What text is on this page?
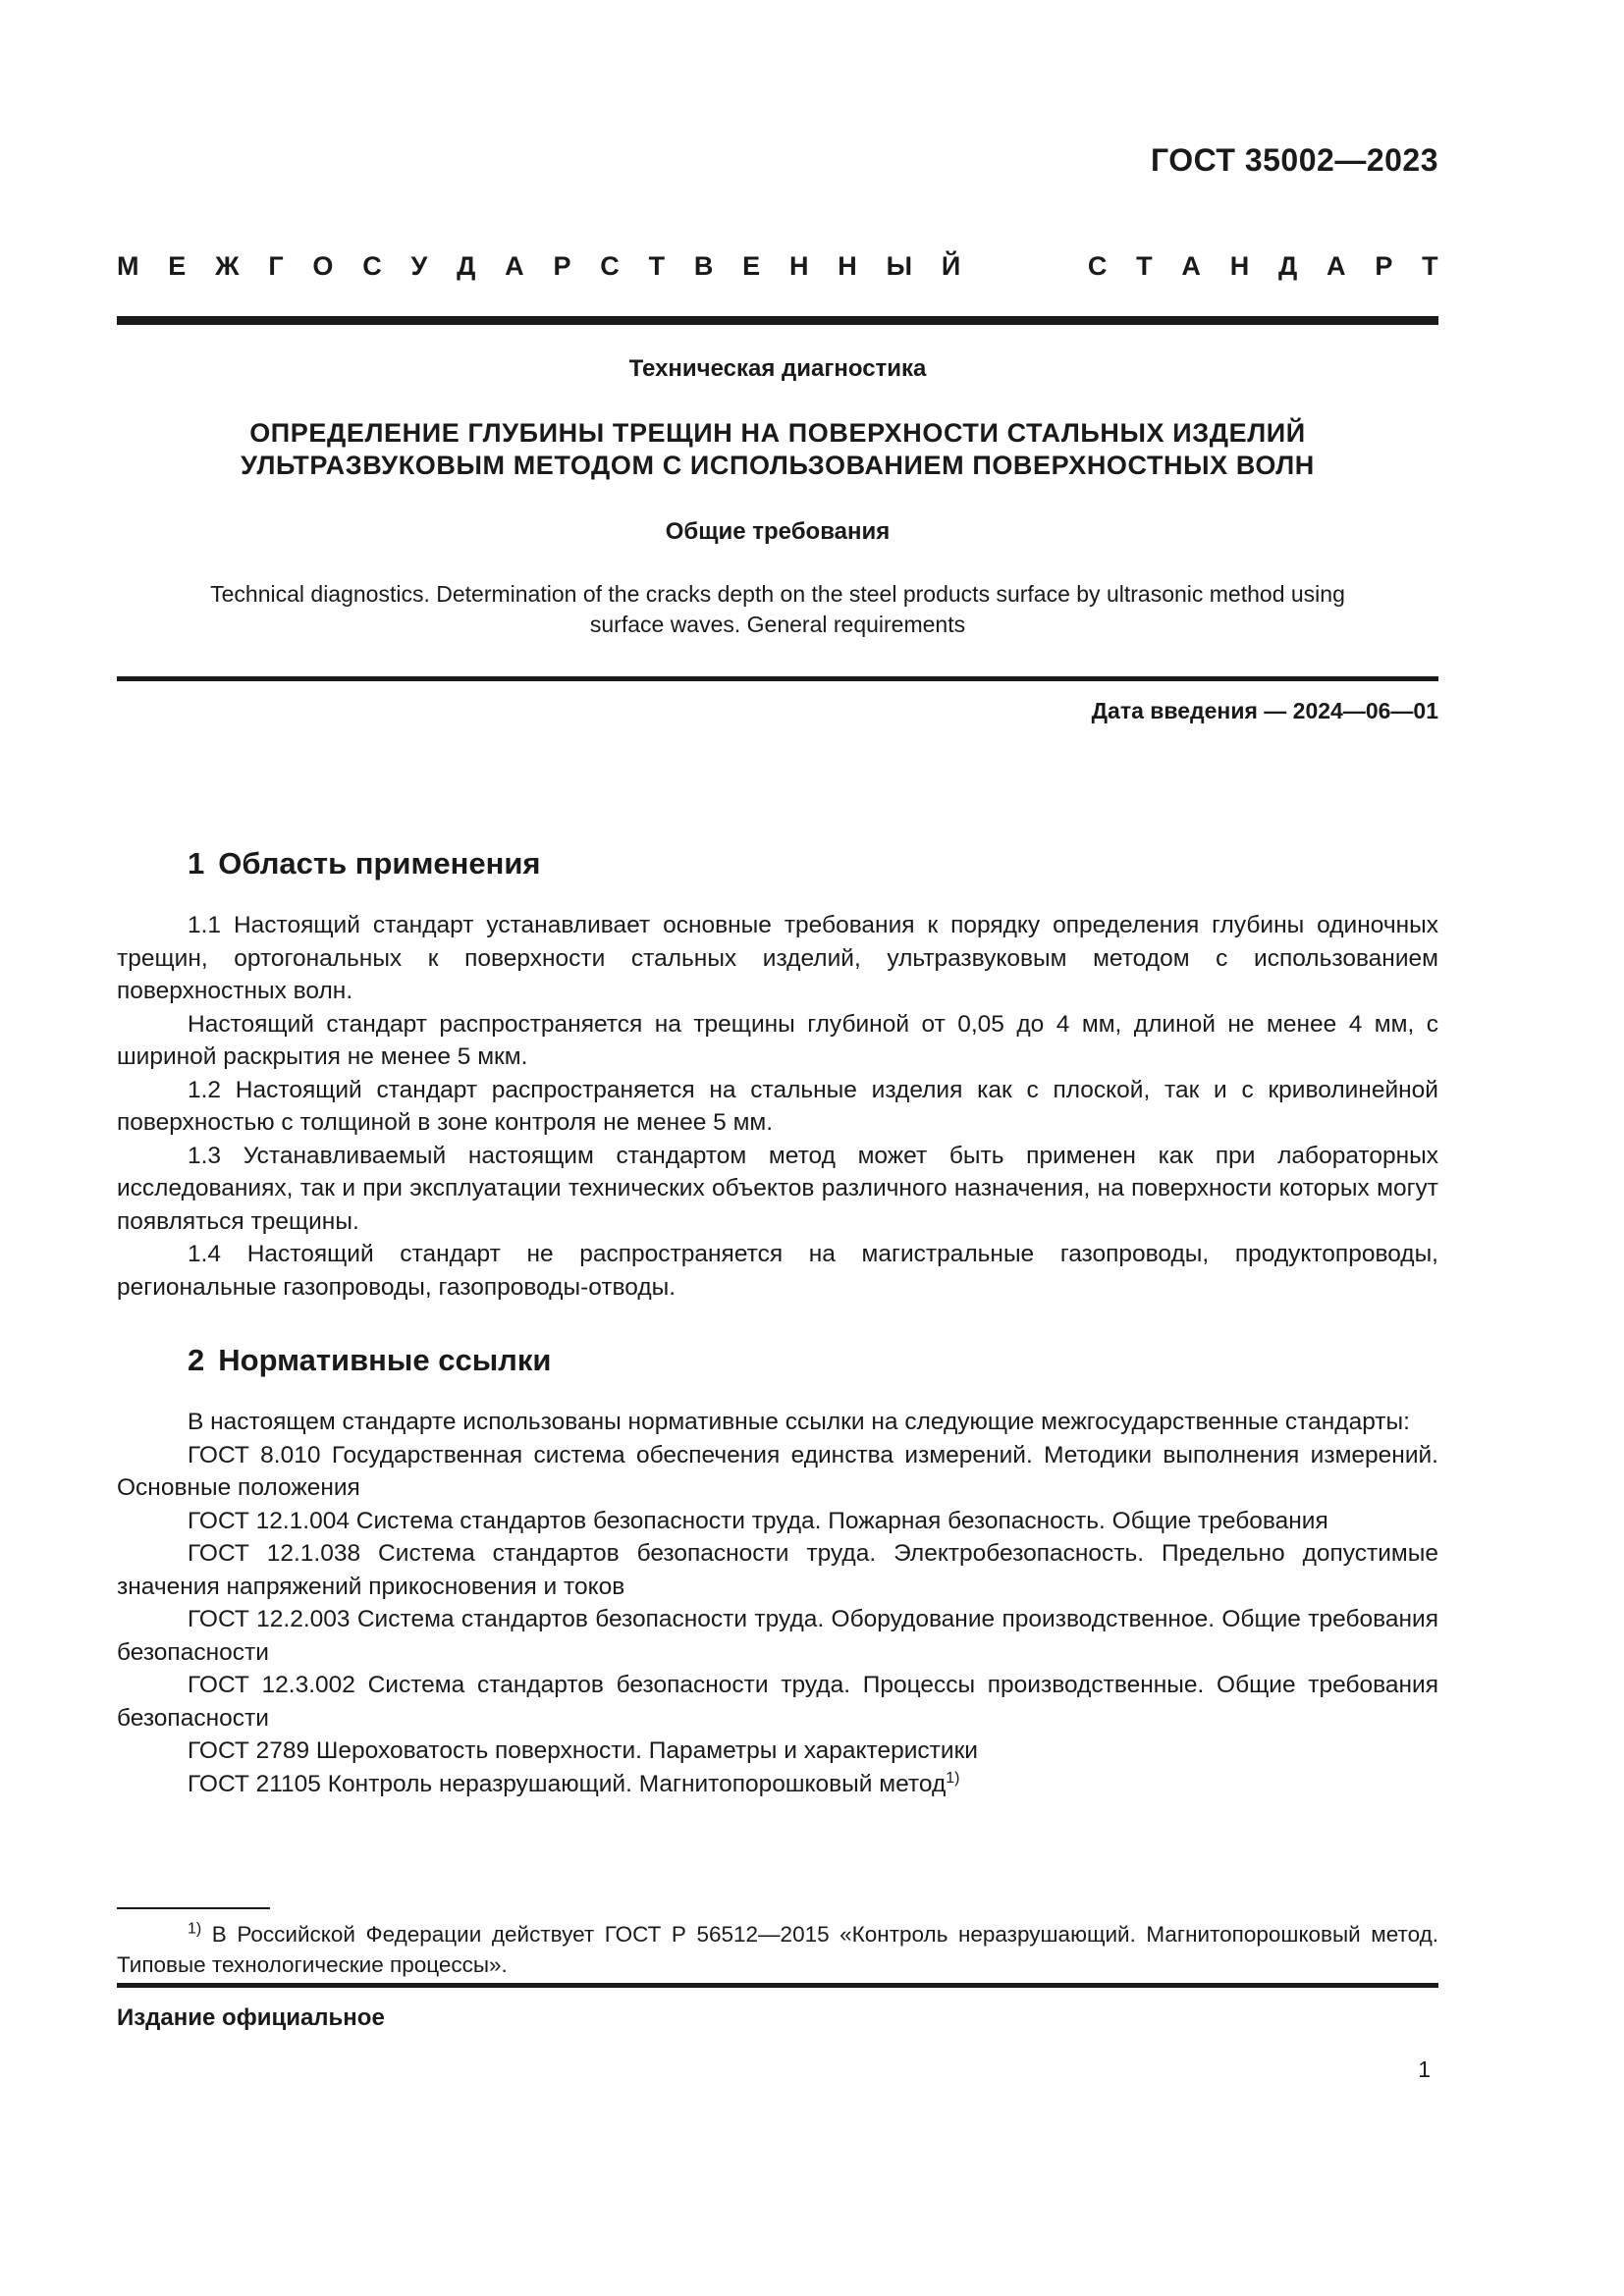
ГОСТ 35002—2023
М Е Ж Г О С У Д А Р С Т В Е Н Н Ы Й	С Т А Н Д А Р Т
Техническая диагностика
ОПРЕДЕЛЕНИЕ ГЛУБИНЫ ТРЕЩИН НА ПОВЕРХНОСТИ СТАЛЬНЫХ ИЗДЕЛИЙ
УЛЬТРАЗВУКОВЫМ МЕТОДОМ С ИСПОЛЬЗОВАНИЕМ ПОВЕРХНОСТНЫХ ВОЛН
Общие требования
Technical diagnostics. Determination of the cracks depth on the steel products surface by ultrasonic method using
surface waves. General requirements
Дата введения — 2024—06—01
1 Область применения

1.1 Настоящий стандарт устанавливает основные требования к порядку определения глубины одиночных трещин, ортогональных к поверхности стальных изделий, ультразвуковым методом с использованием поверхностных волн.

Настоящий стандарт распространяется на трещины глубиной от 0,05 до 4 мм, длиной не менее 4 мм, с шириной раскрытия не менее 5 мкм.

1.2 Настоящий стандарт распространяется на стальные изделия как с плоской, так и с криволинейной поверхностью с толщиной в зоне контроля не менее 5 мм.

1.3 Устанавливаемый настоящим стандартом метод может быть применен как при лабораторных исследованиях, так и при эксплуатации технических объектов различного назначения, на поверхности которых могут появляться трещины.

1.4 Настоящий стандарт не распространяется на магистральные газопроводы, продуктопроводы, региональные газопроводы, газопроводы-отводы.

2 Нормативные ссылки

В настоящем стандарте использованы нормативные ссылки на следующие межгосударственные стандарты:

ГОСТ 8.010 Государственная система обеспечения единства измерений. Методики выполнения измерений. Основные положения

ГОСТ 12.1.004 Система стандартов безопасности труда. Пожарная безопасность. Общие требования

ГОСТ 12.1.038 Система стандартов безопасности труда. Электробезопасность. Предельно допустимые значения напряжений прикосновения и токов

ГОСТ 12.2.003 Система стандартов безопасности труда. Оборудование производственное. Общие требования безопасности

ГОСТ 12.3.002 Система стандартов безопасности труда. Процессы производственные. Общие требования безопасности

ГОСТ 2789 Шероховатость поверхности. Параметры и характеристики

ГОСТ 21105 Контроль неразрушающий. Магнитопорошковый метод$^{1)}$

$^{1)}$ В Российской Федерации действует ГОСТ Р 56512—2015 «Контроль неразрушающий. Магнитопорошковый метод. Типовые технологические процессы».

Издание официальное
1
